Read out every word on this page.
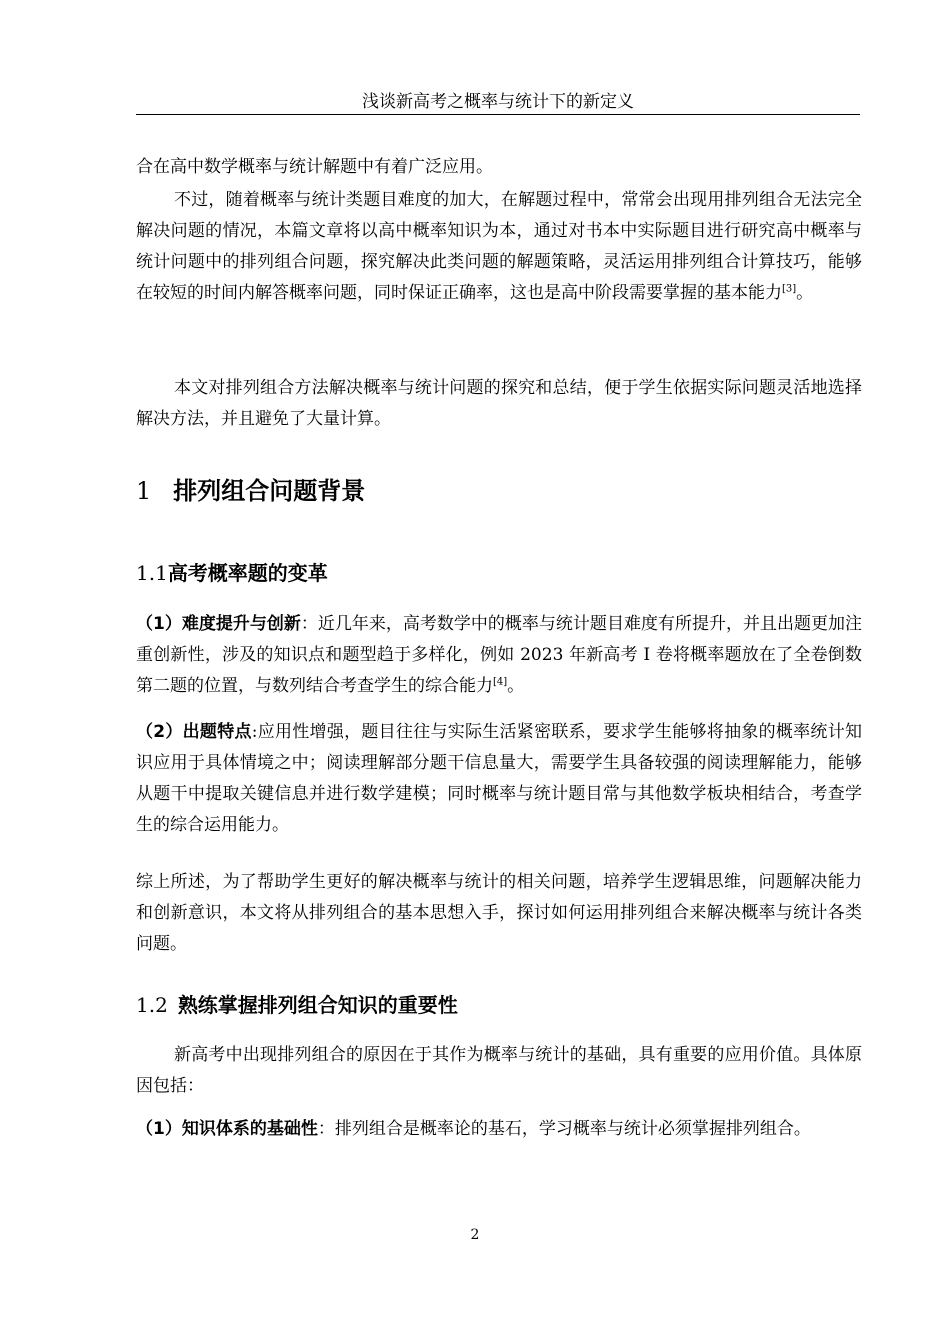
浅谈新高考之概率与统计下的新定义

合在高中数学概率与统计解题中有着广泛应用。

不过，随着概率与统计类题目难度的加大，在解题过程中，常常会出现用排列组合无法完全解决问题的情况，本篇文章将以高中概率知识为本，通过对书本中实际题目进行研究高中概率与统计问题中的排列组合问题，探究解决此类问题的解题策略，灵活运用排列组合计算技巧，能够在较短的时间内解答概率问题，同时保证正确率，这也是高中阶段需要掌握的基本能力[3]。

本文对排列组合方法解决概率与统计问题的探究和总结，便于学生依据实际问题灵活地选择解决方法，并且避免了大量计算。

1 排列组合问题背景
1.1高考概率题的变革

（1）难度提升与创新：近几年来，高考数学中的概率与统计题目难度有所提升，并且出题更加注重创新性，涉及的知识点和题型趋于多样化，例如 2023 年新高考 I 卷将概率题放在了全卷倒数第二题的位置，与数列结合考查学生的综合能力[4]。

（2）出题特点:应用性增强，题目往往与实际生活紧密联系，要求学生能够将抽象的概率统计知识应用于具体情境之中；阅读理解部分题干信息量大，需要学生具备较强的阅读理解能力，能够从题干中提取关键信息并进行数学建模；同时概率与统计题目常与其他数学板块相结合，考查学生的综合运用能力。

综上所述，为了帮助学生更好的解决概率与统计的相关问题，培养学生逻辑思维，问题解决能力和创新意识，本文将从排列组合的基本思想入手，探讨如何运用排列组合来解决概率与统计各类问题。

1.2 熟练掌握排列组合知识的重要性

新高考中出现排列组合的原因在于其作为概率与统计的基础，具有重要的应用价值。具体原因包括：

（1）知识体系的基础性：排列组合是概率论的基石，学习概率与统计必须掌握排列组合。

2
